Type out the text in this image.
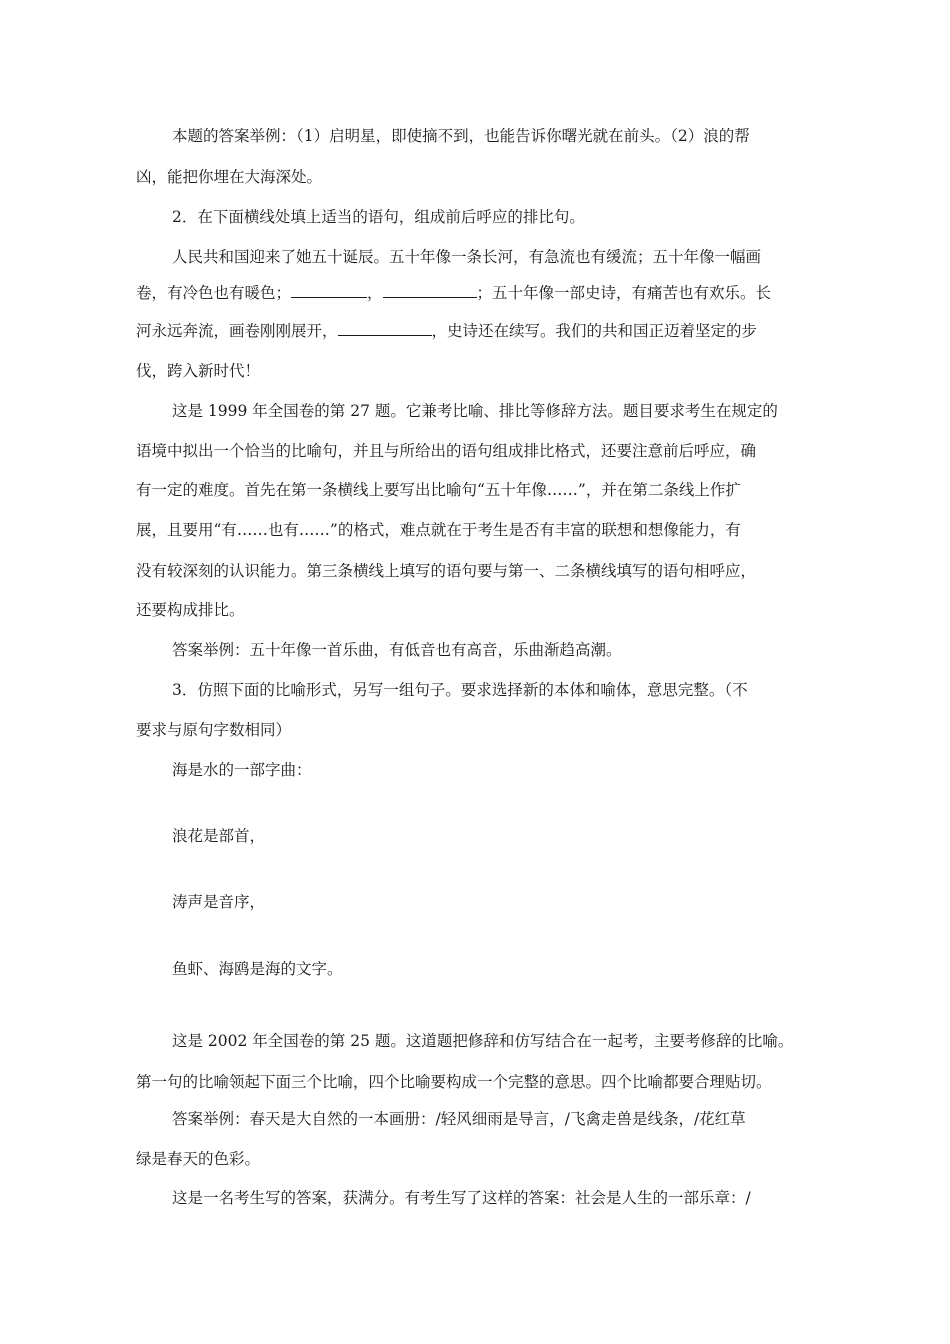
本题的答案举例：（1）启明星，即使摘不到，也能告诉你曙光就在前头。（2）浪的帮
凶，能把你埋在大海深处。
2．在下面横线处填上适当的语句，组成前后呼应的排比句。
人民共和国迎来了她五十诞辰。五十年像一条长河，有急流也有缓流；五十年像一幅画
卷，有冷色也有暖色；	，	；五十年像一部史诗，有痛苦也有欢乐。长
河永远奔流，画卷刚刚展开，	，史诗还在续写。我们的共和国正迈着坚定的步
伐，跨入新时代！
这是 1999 年全国卷的第 27 题。它兼考比喻、排比等修辞方法。题目要求考生在规定的
语境中拟出一个恰当的比喻句，并且与所给出的语句组成排比格式，还要注意前后呼应，确
有一定的难度。首先在第一条横线上要写出比喻句“五十年像……”，并在第二条线上作扩
展，且要用“有……也有……”的格式，难点就在于考生是否有丰富的联想和想像能力，有
没有较深刻的认识能力。第三条横线上填写的语句要与第一、二条横线填写的语句相呼应，
还要构成排比。
答案举例：五十年像一首乐曲，有低音也有高音，乐曲渐趋高潮。
3．仿照下面的比喻形式，另写一组句子。要求选择新的本体和喻体，意思完整。（不
要求与原句字数相同）
海是水的一部字曲：
浪花是部首，
涛声是音序，
鱼虾、海鸥是海的文字。
这是 2002 年全国卷的第 25 题。这道题把修辞和仿写结合在一起考，主要考修辞的比喻。
第一句的比喻领起下面三个比喻，四个比喻要构成一个完整的意思。四个比喻都要合理贴切。
答案举例：春天是大自然的一本画册：/轻风细雨是导言，/飞禽走兽是线条，/花红草
绿是春天的色彩。
这是一名考生写的答案，获满分。有考生写了这样的答案：社会是人生的一部乐章：/
